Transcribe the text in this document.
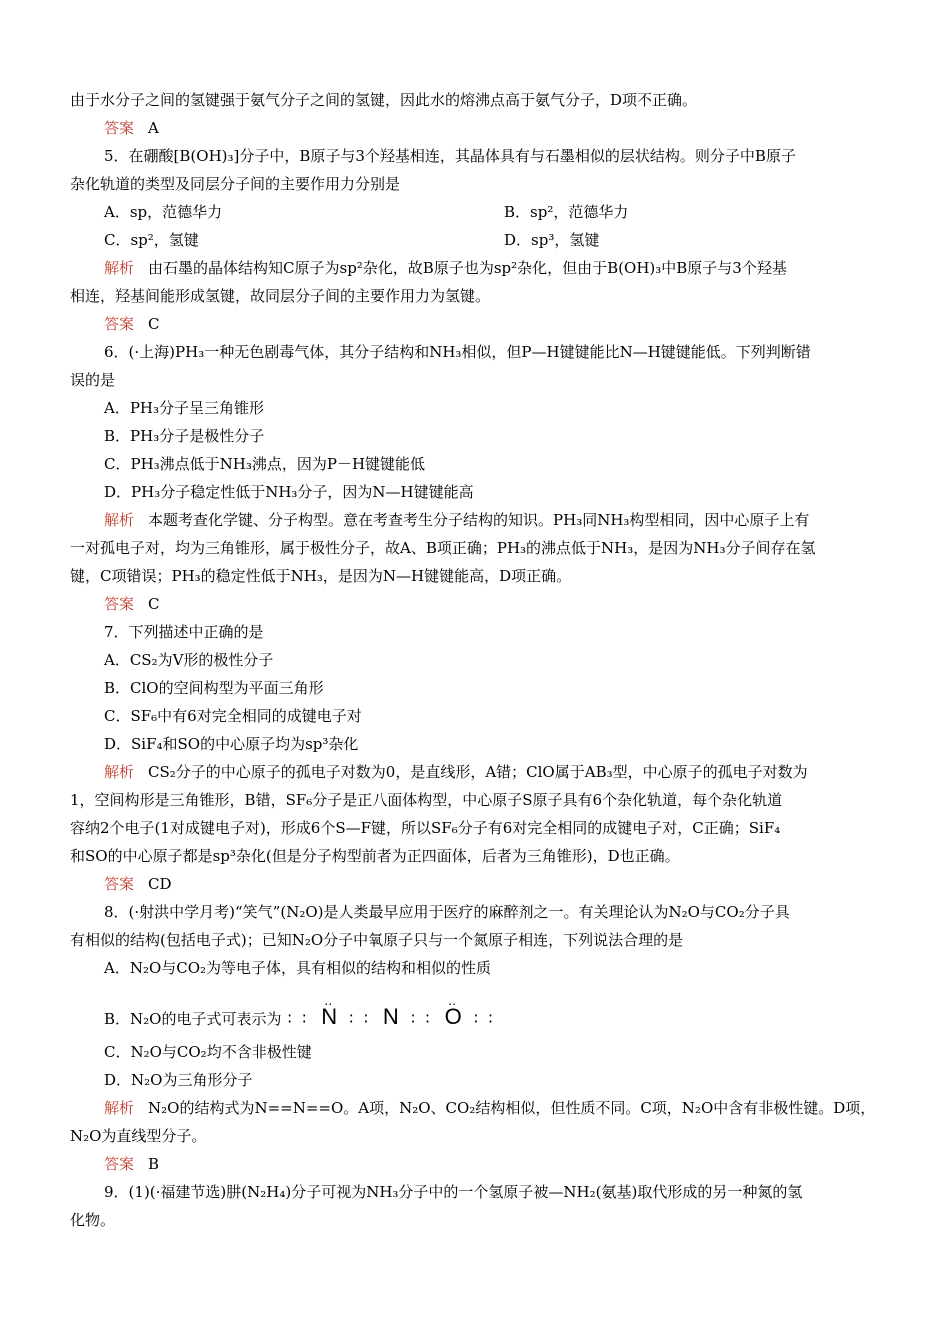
由于水分子之间的氢键强于氨气分子之间的氢键，因此水的熔沸点高于氨气分子，D项不正确。
答案 A
5．在硼酸[B(OH)₃]分子中，B原子与3个羟基相连，其晶体具有与石墨相似的层状结构。则分子中B原子
杂化轨道的类型及同层分子间的主要作用力分别是
A．sp，范德华力	B．sp²，范德华力
C．sp²，氢键	D．sp³，氢键
解析 由石墨的晶体结构知C原子为sp²杂化，故B原子也为sp²杂化，但由于B(OH)₃中B原子与3个羟基
相连，羟基间能形成氢键，故同层分子间的主要作用力为氢键。
答案 C
6．(·上海)PH₃一种无色剧毒气体，其分子结构和NH₃相似，但P—H键键能比N—H键键能低。下列判断错
误的是
A．PH₃分子呈三角锥形
B．PH₃分子是极性分子
C．PH₃沸点低于NH₃沸点，因为P－H键键能低
D．PH₃分子稳定性低于NH₃分子，因为N—H键键能高
解析 本题考查化学键、分子构型。意在考查考生分子结构的知识。PH₃同NH₃构型相同，因中心原子上有
一对孤电子对，均为三角锥形，属于极性分子，故A、B项正确；PH₃的沸点低于NH₃，是因为NH₃分子间存在氢
键，C项错误；PH₃的稳定性低于NH₃，是因为N—H键键能高，D项正确。
答案 C
7．下列描述中正确的是
A．CS₂为V形的极性分子
B．ClO的空间构型为平面三角形
C．SF₆中有6对完全相同的成键电子对
D．SiF₄和SO的中心原子均为sp³杂化
解析 CS₂分子的中心原子的孤电子对数为0，是直线形，A错；ClO属于AB₃型，中心原子的孤电子对数为
1，空间构形是三角锥形，B错，SF₆分子是正八面体构型，中心原子S原子具有6个杂化轨道，每个杂化轨道
容纳2个电子(1对成键电子对)，形成6个S—F键，所以SF₆分子有6对完全相同的成键电子对，C正确；SiF₄
和SO的中心原子都是sp³杂化(但是分子构型前者为正四面体，后者为三角锥形)，D也正确。
答案 CD
8．(·射洪中学月考)“笑气”(N₂O)是人类最早应用于医疗的麻醉剂之一。有关理论认为N₂O与CO₂分子具
有相似的结构(包括电子式)；已知N₂O分子中氧原子只与一个氮原子相连，下列说法合理的是
A．N₂O与CO₂为等电子体，具有相似的结构和相似的性质
B．N₂O的电子式可表示为 ∶ ∶
‥
N ∶ ∶ N ∶ ∶
‥
O ∶ ∶
C．N₂O与CO₂均不含非极性键
D．N₂O为三角形分子
解析 N₂O的结构式为N==N==O。A项，N₂O、CO₂结构相似，但性质不同。C项，N₂O中含有非极性键。D项，
N₂O为直线型分子。
答案 B
9．(1)(·福建节选)肼(N₂H₄)分子可视为NH₃分子中的一个氢原子被—NH₂(氨基)取代形成的另一种氮的氢
化物。
